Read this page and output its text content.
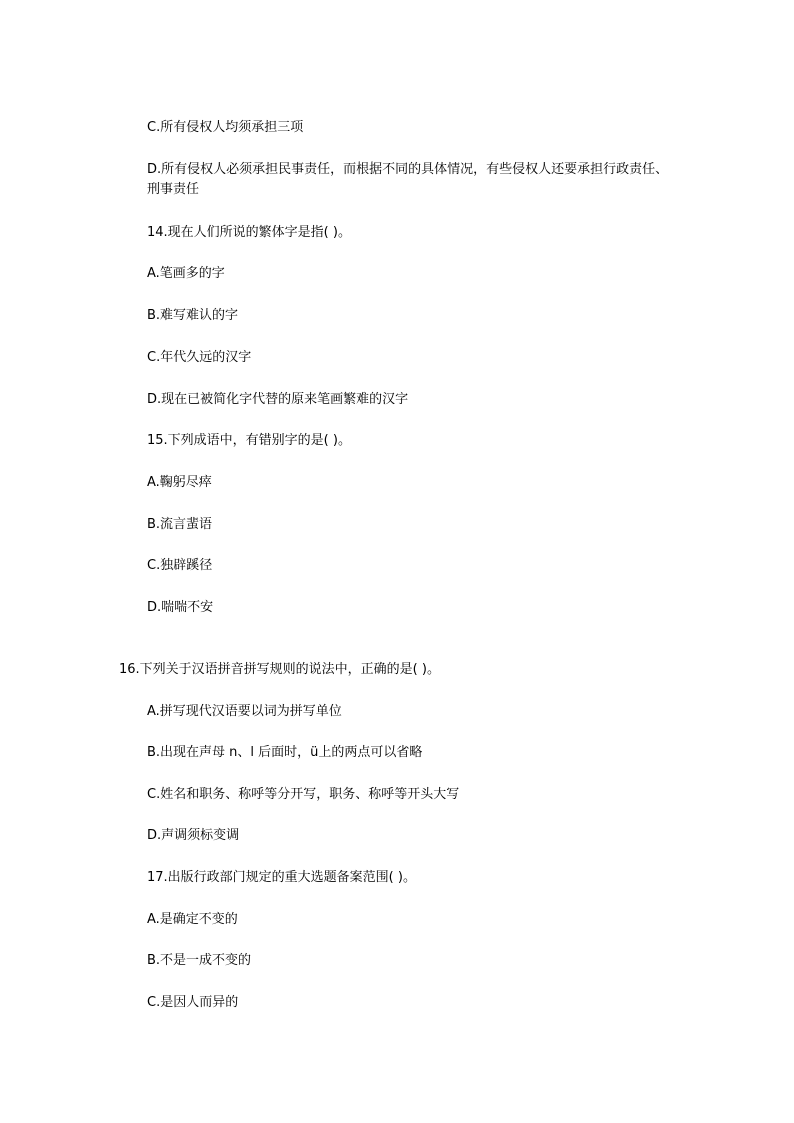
C.所有侵权人均须承担三项
D.所有侵权人必须承担民事责任，而根据不同的具体情况，有些侵权人还要承担行政责任、刑事责任
14.现在人们所说的繁体字是指( )。
A.笔画多的字
B.难写难认的字
C.年代久远的汉字
D.现在已被简化字代替的原来笔画繁难的汉字
15.下列成语中，有错别字的是( )。
A.鞠躬尽瘁
B.流言蜚语
C.独辟蹊径
D.喘喘不安
16.下列关于汉语拼音拼写规则的说法中，正确的是( )。
A.拼写现代汉语要以词为拼写单位
B.出现在声母 n、l 后面时，ü上的两点可以省略
C.姓名和职务、称呼等分开写，职务、称呼等开头大写
D.声调须标变调
17.出版行政部门规定的重大选题备案范围( )。
A.是确定不变的
B.不是一成不变的
C.是因人而异的
